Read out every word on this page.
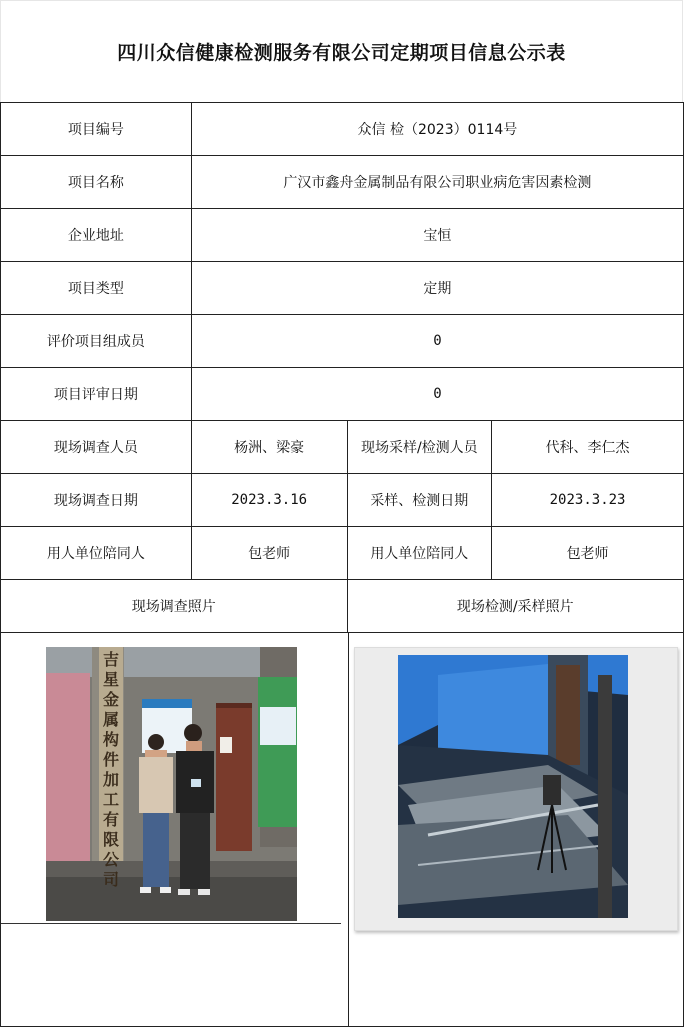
四川众信健康检测服务有限公司定期项目信息公示表
项目编号	众信 检（2023）0114号		
项目名称	广汉市鑫舟金属制品有限公司职业病危害因素检测		
企业地址	宝恒		
项目类型	定期		
评价项目组成员	0		
项目评审日期	0		
现场调查人员	杨洲、梁豪	现场采样/检测人员	代科、李仁杰
现场调查日期	2023.3.16	采样、检测日期	2023.3.23
用人单位陪同人	包老师	用人单位陪同人	包老师
现场调查照片		现场检测/采样照片	
吉
星
金
属
构
件
加
工
有
限
公
司
